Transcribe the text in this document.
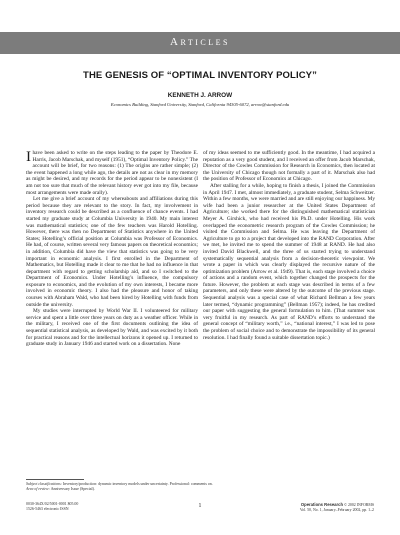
Articles
THE GENESIS OF “OPTIMAL INVENTORY POLICY”
KENNETH J. ARROW
Economics Building, Stanford University, Stanford, California 94305-6072, arrow@stanford.edu

Ihave been asked to write on the steps leading to the paper by Theodore E. Harris, Jacob Marschak, and myself (1951), “Optimal Inventory Policy.” The account will be brief, for two reasons: (1) The origins are rather simple; (2) the event happened a long while ago, the details are not as clear in my memory as might be desired, and my records for the period appear to be nonexistent (I am not too sure that much of the relevant history ever got into my file, because most arrangements were made orally).

Let me give a brief account of my whereabouts and affiliations during this period because they are relevant to the story. In fact, my involvement in inventory research could be described as a confluence of chance events. I had started my graduate study at Columbia University in 1940. My main interest was mathematical statistics; one of the few teachers was Harold Hotelling. However, there was then no Department of Statistics anywhere in the United States; Hotelling’s official position at Columbia was Professor of Economics. He had, of course, written several very famous papers on theoretical economics; in addition, Columbia did have the view that statistics was going to be very important in economic analysis. I first enrolled in the Department of Mathematics, but Hotelling made it clear to me that he had no influence in that department with regard to getting scholarship aid, and so I switched to the Department of Economics. Under Hotelling’s influence, the compulsory exposure to economics, and the evolution of my own interests, I became more involved in economic theory. I also had the pleasure and honor of taking courses with Abraham Wald, who had been hired by Hotelling with funds from outside the university.

My studies were interrupted by World War II. I volunteered for military service and spent a little over three years on duty as a weather officer. While in the military, I received one of the first documents outlining the idea of sequential statistical analysis, as developed by Wald, and was excited by it both for practical reasons and for the intellectual horizons it opened up. I returned to graduate study in January 1946 and started work on a dissertation. None

of my ideas seemed to me sufficiently good. In the meantime, I had acquired a reputation as a very good student, and I received an offer from Jacob Marschak, Director of the Cowles Commission for Research in Economics, then located at the University of Chicago though not formally a part of it. Marschak also had the position of Professor of Economics at Chicago.

After stalling for a while, hoping to finish a thesis, I joined the Commission in April 1947. I met, almost immediately, a graduate student, Selma Schweitzer. Within a few months, we were married and are still enjoying our happiness. My wife had been a junior researcher at the United States Department of Agriculture; she worked there for the distinguished mathematical statistician Meyer A. Girshick, who had received his Ph.D. under Hotelling. His work overlapped the econometric research program of the Cowles Commission; he visited the Commission and Selma. He was leaving the Department of Agriculture to go to a project that developed into the RAND Corporation. After we met, he invited me to spend the summer of 1948 at RAND. He had also invited David Blackwell, and the three of us started trying to understand systematically sequential analysis from a decision-theoretic viewpoint. We wrote a paper in which was clearly displayed the recursive nature of the optimization problem (Arrow et al. 1949). That is, each stage involved a choice of actions and a random event, which together changed the prospects for the future. However, the problem at each stage was described in terms of a few parameters, and only these were altered by the outcome of the previous stage. Sequential analysis was a special case of what Richard Bellman a few years later termed, “dynamic programming” (Bellman 1957); indeed, he has credited our paper with suggesting the general formulation to him. (That summer was very fruitful in my research. As part of RAND’s efforts to understand the general concept of “military worth,” i.e., “national interest,” I was led to pose the problem of social choice and to demonstrate the impossibility of its general resolution. I had finally found a suitable dissertation topic.)

Subject classifications: Inventory/production: dynamic inventory models under uncertainty. Professional: comments on.
Area of review: Anniversary Issue (Special).
0030-364X/02/5001-0001 $05.00
1526-5463 electronic ISSN	1	Operations Research © 2002 INFORMS
Vol. 50, No. 1, January–February 2002, pp. 1–2
